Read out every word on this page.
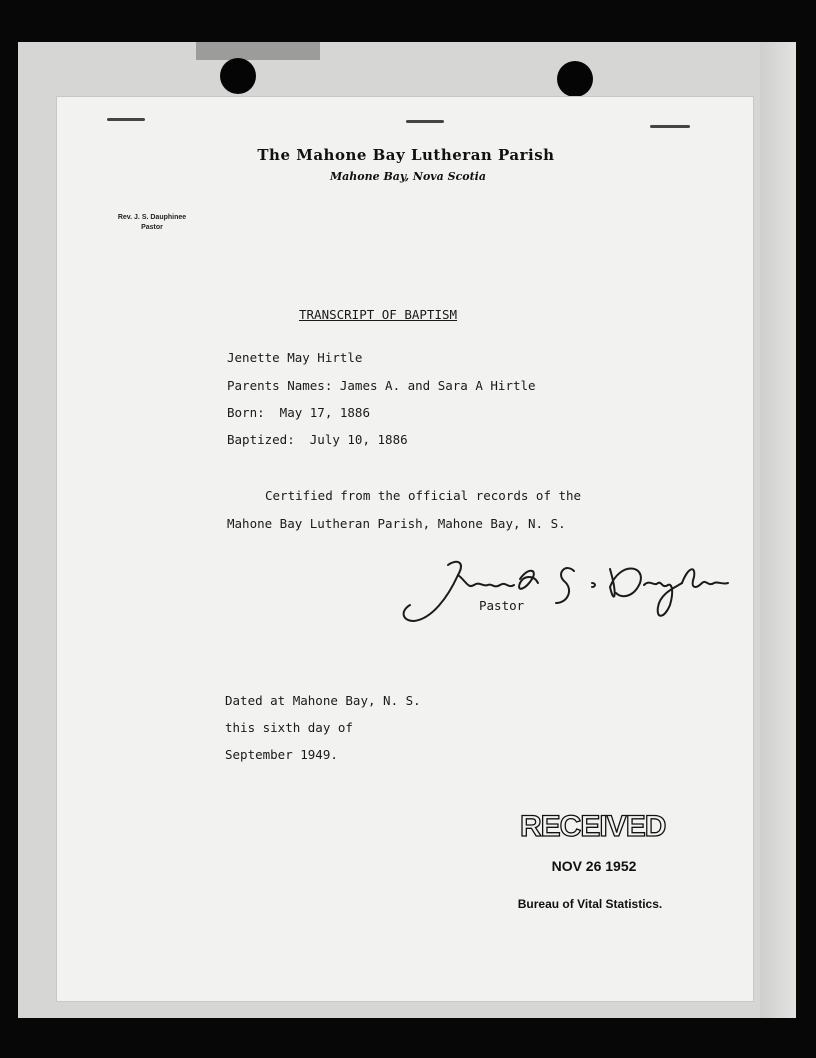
The Mahone Bay Lutheran Parish
Mahone Bay, Nova Scotia
Rev. J. S. Dauphinee
Pastor
TRANSCRIPT OF BAPTISM
Jenette May Hirtle
Parents Names: James A. and Sara A Hirtle
Born:  May 17, 1886
Baptized:  July 10, 1886
Certified from the official records of the
Mahone Bay Lutheran Parish, Mahone Bay, N. S.
Pastor
Dated at Mahone Bay, N. S.
this sixth day of
September 1949.
RECEIVED
NOV 26 1952
Bureau of Vital Statistics.
